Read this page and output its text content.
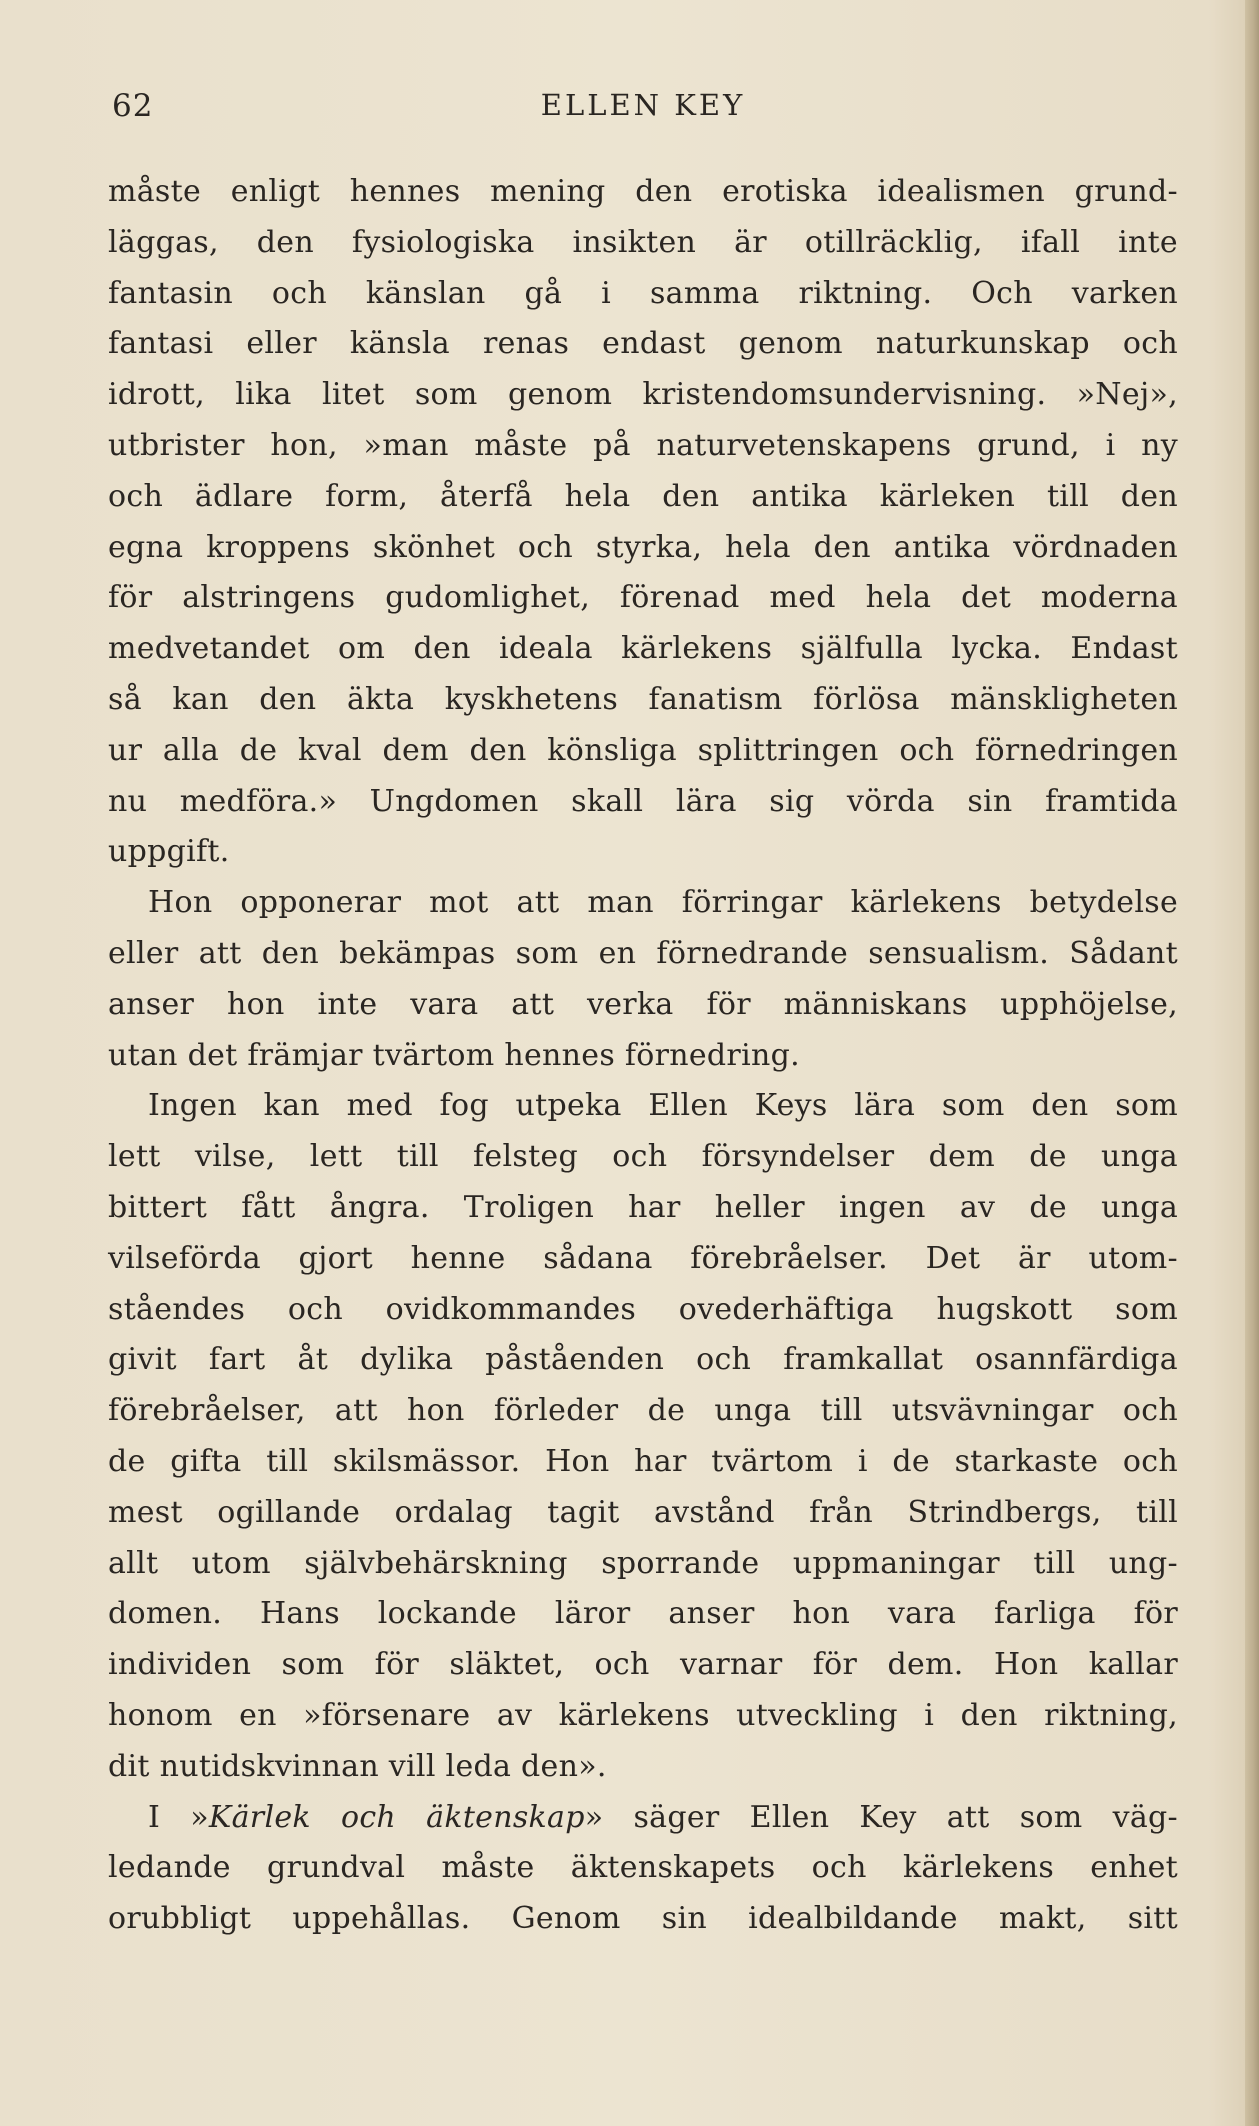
62	ELLEN KEY
måste enligt hennes mening den erotiska idealismen grund-
läggas, den fysiologiska insikten är otillräcklig, ifall inte
fantasin och känslan gå i samma riktning. Och varken
fantasi eller känsla renas endast genom naturkunskap och
idrott, lika litet som genom kristendomsundervisning. »Nej»,
utbrister hon, »man måste på naturvetenskapens grund, i ny
och ädlare form, återfå hela den antika kärleken till den
egna kroppens skönhet och styrka, hela den antika vördnaden
för alstringens gudomlighet, förenad med hela det moderna
medvetandet om den ideala kärlekens själfulla lycka. Endast
så kan den äkta kyskhetens fanatism förlösa mänskligheten
ur alla de kval dem den könsliga splittringen och förnedringen
nu medföra.» Ungdomen skall lära sig vörda sin framtida
uppgift.
Hon opponerar mot att man förringar kärlekens betydelse
eller att den bekämpas som en förnedrande sensualism. Sådant
anser hon inte vara att verka för människans upphöjelse,
utan det främjar tvärtom hennes förnedring.
Ingen kan med fog utpeka Ellen Keys lära som den som
lett vilse, lett till felsteg och försyndelser dem de unga
bittert fått ångra. Troligen har heller ingen av de unga
vilseförda gjort henne sådana förebråelser. Det är utom-
ståendes och ovidkommandes ovederhäftiga hugskott som
givit fart åt dylika påståenden och framkallat osannfärdiga
förebråelser, att hon förleder de unga till utsvävningar och
de gifta till skilsmässor. Hon har tvärtom i de starkaste och
mest ogillande ordalag tagit avstånd från Strindbergs, till
allt utom självbehärskning sporrande uppmaningar till ung-
domen. Hans lockande läror anser hon vara farliga för
individen som för släktet, och varnar för dem. Hon kallar
honom en »försenare av kärlekens utveckling i den riktning,
dit nutidskvinnan vill leda den».
I »Kärlek och äktenskap» säger Ellen Key att som väg-
ledande grundval måste äktenskapets och kärlekens enhet
orubbligt uppehållas. Genom sin idealbildande makt, sitt
